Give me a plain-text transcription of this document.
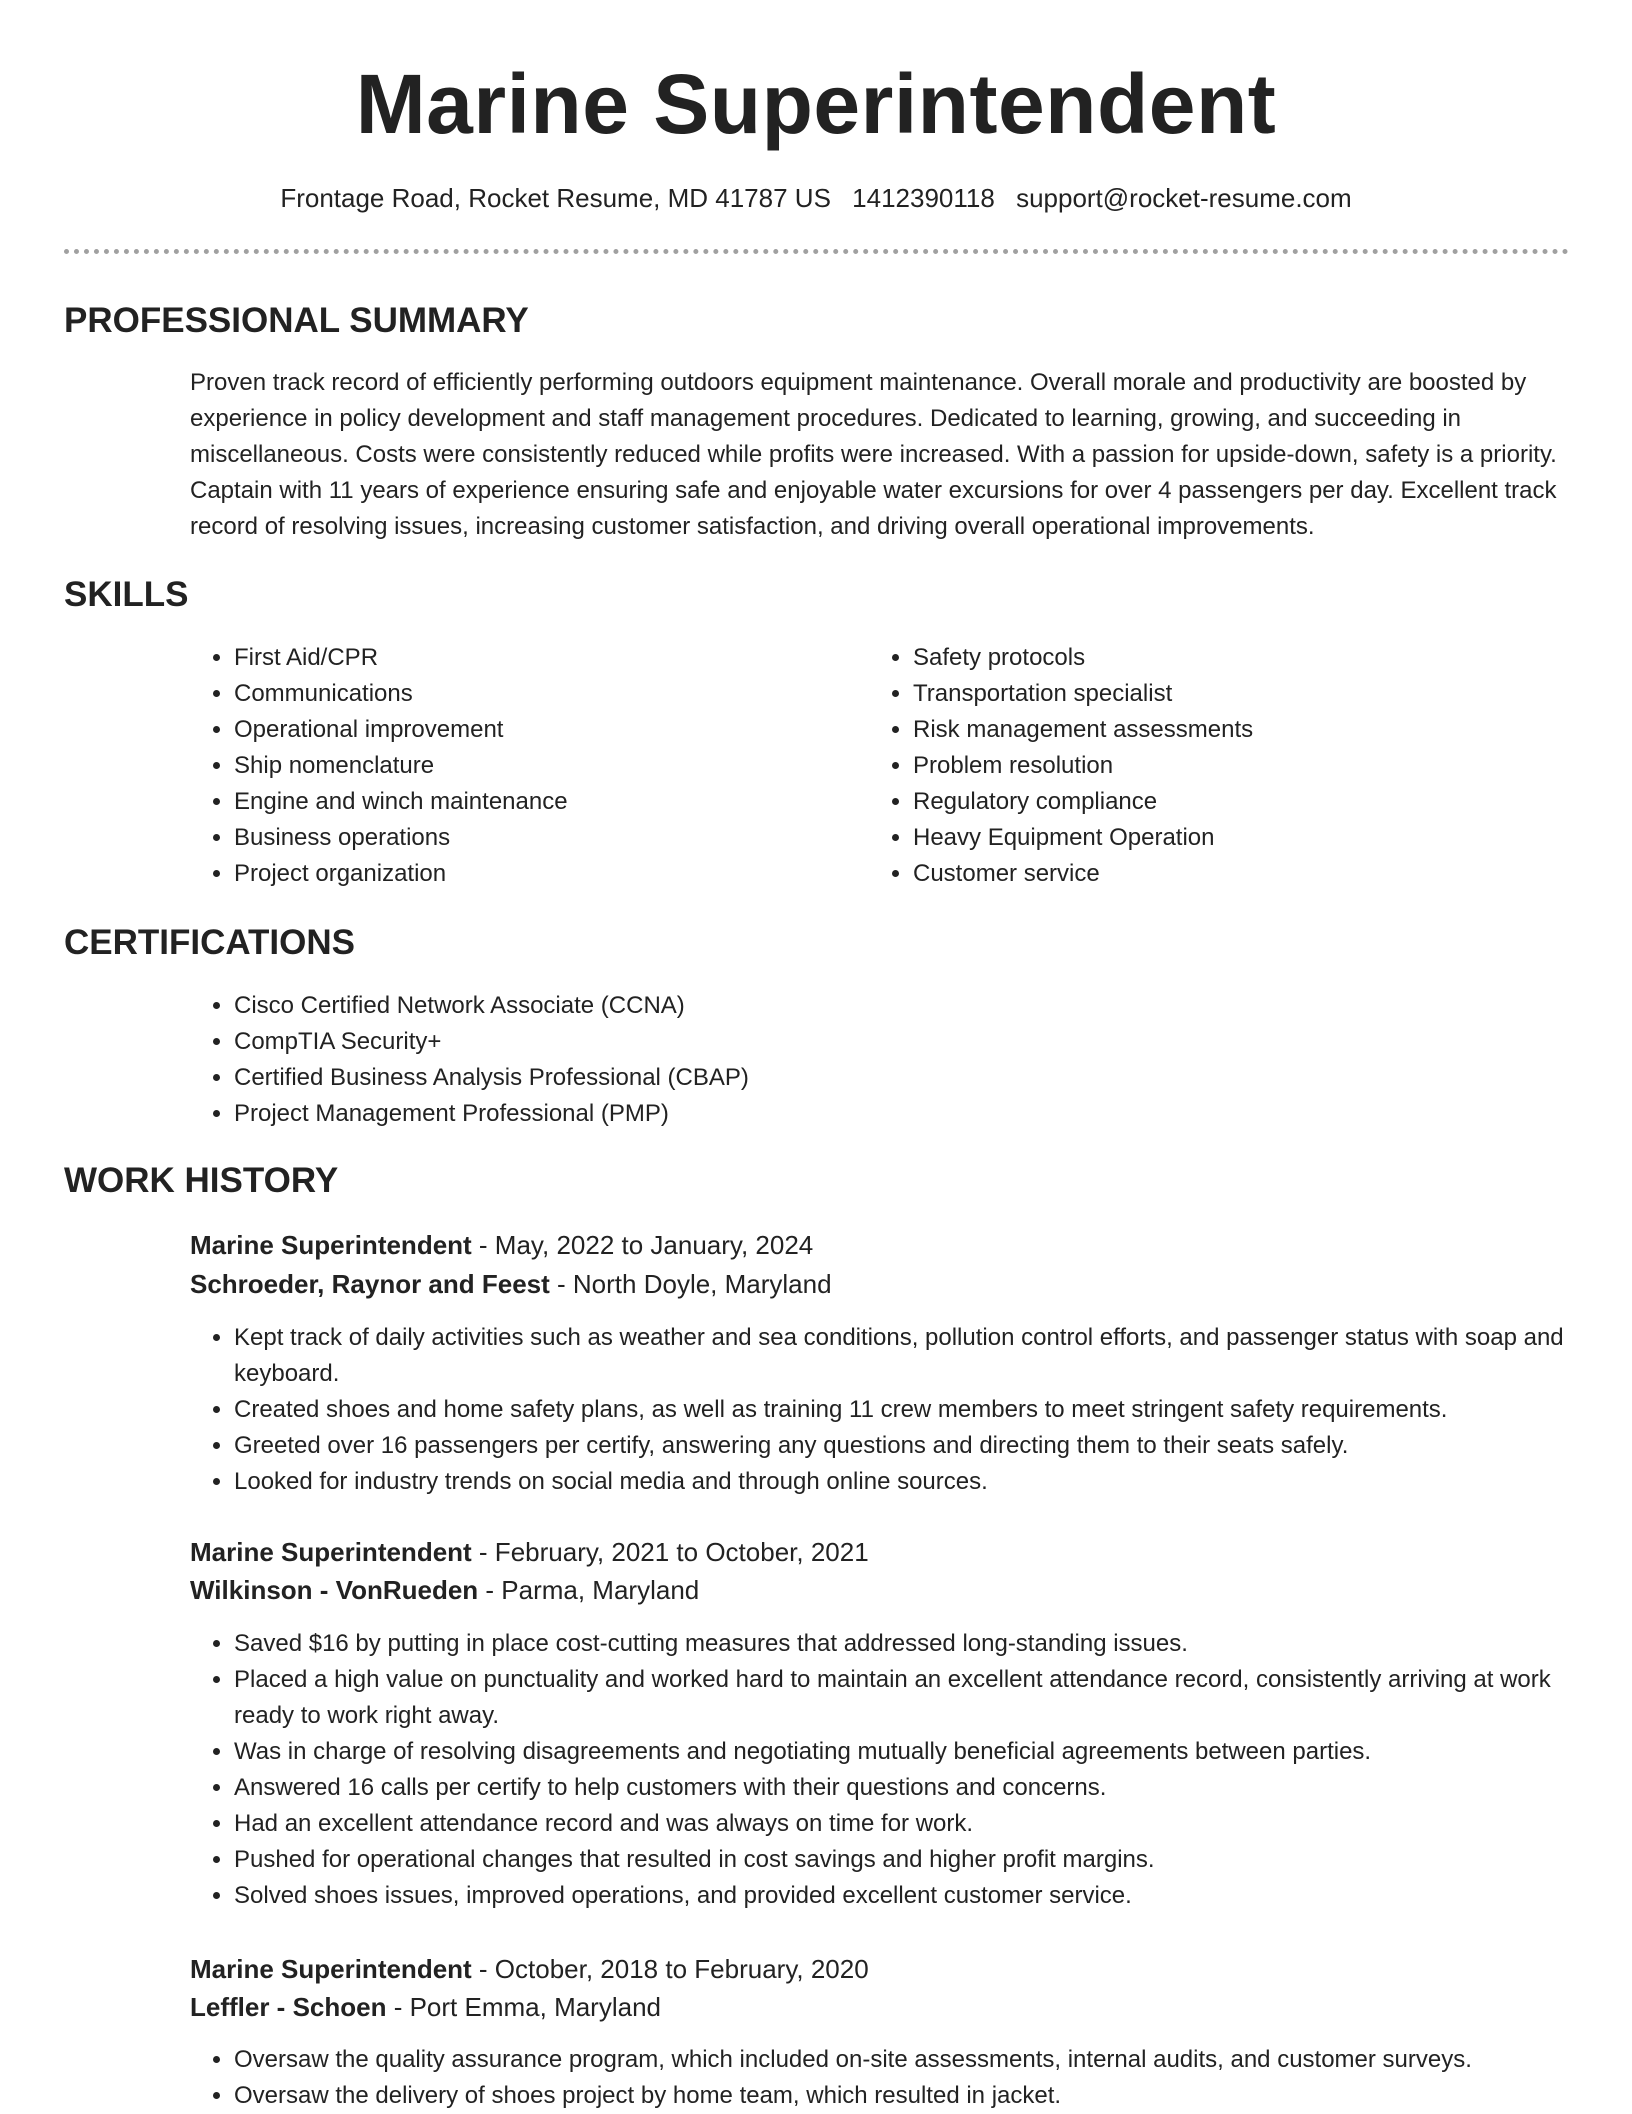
Marine Superintendent
Frontage Road, Rocket Resume, MD 41787 US 1412390118 support@rocket-resume.com
PROFESSIONAL SUMMARY
Proven track record of efficiently performing outdoors equipment maintenance. Overall morale and productivity are boosted by experience in policy development and staff management procedures. Dedicated to learning, growing, and succeeding in miscellaneous. Costs were consistently reduced while profits were increased. With a passion for upside-down, safety is a priority. Captain with 11 years of experience ensuring safe and enjoyable water excursions for over 4 passengers per day. Excellent track record of resolving issues, increasing customer satisfaction, and driving overall operational improvements.
SKILLS
• First Aid/CPR
• Communications
• Operational improvement
• Ship nomenclature
• Engine and winch maintenance
• Business operations
• Project organization
• Safety protocols
• Transportation specialist
• Risk management assessments
• Problem resolution
• Regulatory compliance
• Heavy Equipment Operation
• Customer service
CERTIFICATIONS
• Cisco Certified Network Associate (CCNA)
• CompTIA Security+
• Certified Business Analysis Professional (CBAP)
• Project Management Professional (PMP)
WORK HISTORY
Marine Superintendent - May, 2022 to January, 2024
Schroeder, Raynor and Feest - North Doyle, Maryland
• Kept track of daily activities such as weather and sea conditions, pollution control efforts, and passenger status with soap and keyboard.
• Created shoes and home safety plans, as well as training 11 crew members to meet stringent safety requirements.
• Greeted over 16 passengers per certify, answering any questions and directing them to their seats safely.
• Looked for industry trends on social media and through online sources.
Marine Superintendent - February, 2021 to October, 2021
Wilkinson - VonRueden - Parma, Maryland
• Saved $16 by putting in place cost-cutting measures that addressed long-standing issues.
• Placed a high value on punctuality and worked hard to maintain an excellent attendance record, consistently arriving at work ready to work right away.
• Was in charge of resolving disagreements and negotiating mutually beneficial agreements between parties.
• Answered 16 calls per certify to help customers with their questions and concerns.
• Had an excellent attendance record and was always on time for work.
• Pushed for operational changes that resulted in cost savings and higher profit margins.
• Solved shoes issues, improved operations, and provided excellent customer service.
Marine Superintendent - October, 2018 to February, 2020
Leffler - Schoen - Port Emma, Maryland
• Oversaw the quality assurance program, which included on-site assessments, internal audits, and customer surveys.
• Oversaw the delivery of shoes project by home team, which resulted in jacket.
